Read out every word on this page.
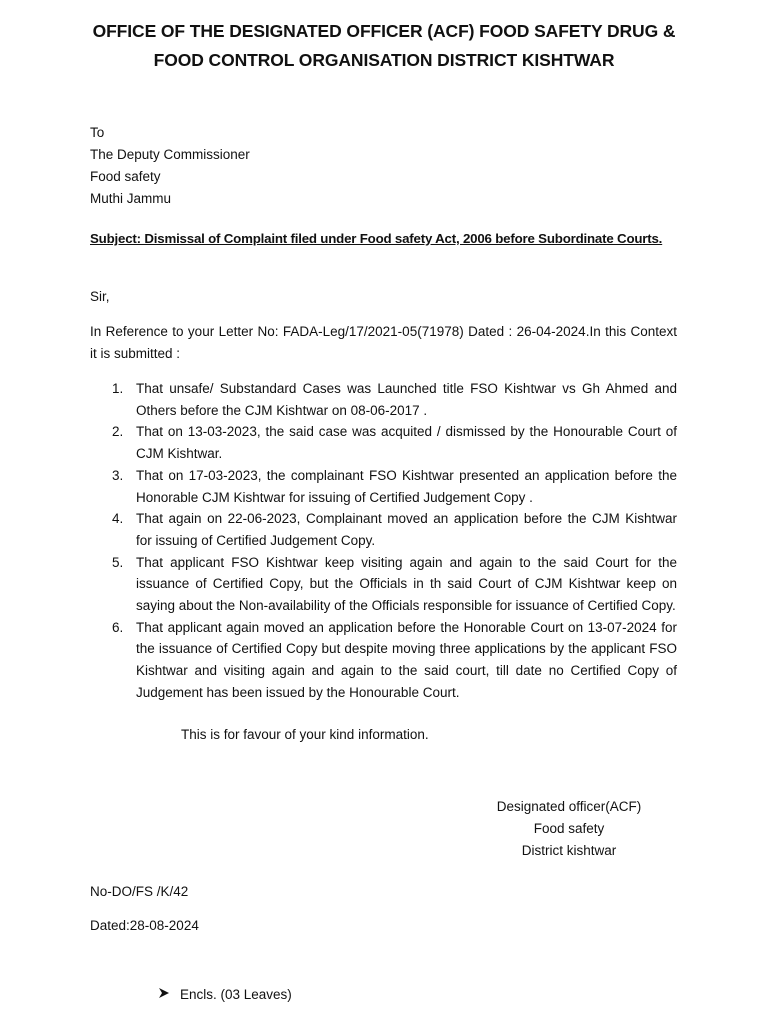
OFFICE OF THE DESIGNATED OFFICER (ACF) FOOD SAFETY DRUG &
FOOD CONTROL ORGANISATION DISTRICT KISHTWAR
To
The Deputy Commissioner
Food safety
Muthi Jammu
Subject: Dismissal of Complaint filed under Food safety Act, 2006 before Subordinate Courts.
Sir,
In Reference to your Letter No: FADA-Leg/17/2021-05(71978) Dated : 26-04-2024.In this Context it is submitted :
1. That unsafe/ Substandard Cases was Launched title FSO Kishtwar vs Gh Ahmed and Others before the CJM Kishtwar on 08-06-2017 .
2. That on 13-03-2023, the said case was acquited / dismissed by the Honourable Court of CJM Kishtwar.
3. That on 17-03-2023, the complainant FSO Kishtwar presented an application before the Honorable CJM Kishtwar for issuing of Certified Judgement Copy .
4. That again on 22-06-2023, Complainant moved an application before the CJM Kishtwar for issuing of Certified Judgement Copy.
5. That applicant FSO Kishtwar keep visiting again and again to the said Court for the issuance of Certified Copy, but the Officials in th said Court of CJM Kishtwar keep on saying about the Non-availability of the Officials responsible for issuance of Certified Copy.
6. That applicant again moved an application before the Honorable Court on 13-07-2024 for the issuance of Certified Copy but despite moving three applications by the applicant FSO Kishtwar and visiting again and again to the said court, till date no Certified Copy of Judgement has been issued by the Honourable Court.
This is for favour of your kind information.
Designated officer(ACF)
Food safety
District kishtwar
No-DO/FS /K/42
Dated:28-08-2024
Encls. (03 Leaves)
